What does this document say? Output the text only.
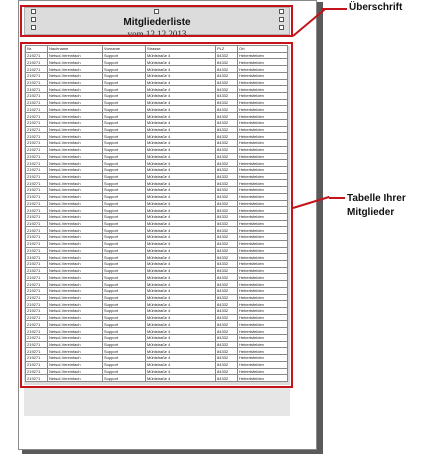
Mitgliederliste
vom 12.12.2013
Nr.	Nachname	Vorname	Strasse	PLZ	Ort
219271	Netsol-Vereinfach	Support	Mühlstraße 4	84332	Hebertsfelden
219271	Netsol-Vereinfach	Support	Mühlstraße 4	84332	Hebertsfelden
219271	Netsol-Vereinfach	Support	Mühlstraße 4	84332	Hebertsfelden
219271	Netsol-Vereinfach	Support	Mühlstraße 4	84332	Hebertsfelden
219271	Netsol-Vereinfach	Support	Mühlstraße 4	84332	Hebertsfelden
219271	Netsol-Vereinfach	Support	Mühlstraße 4	84332	Hebertsfelden
219271	Netsol-Vereinfach	Support	Mühlstraße 4	84332	Hebertsfelden
219271	Netsol-Vereinfach	Support	Mühlstraße 4	84332	Hebertsfelden
219271	Netsol-Vereinfach	Support	Mühlstraße 4	84332	Hebertsfelden
219271	Netsol-Vereinfach	Support	Mühlstraße 4	84332	Hebertsfelden
219271	Netsol-Vereinfach	Support	Mühlstraße 4	84332	Hebertsfelden
219271	Netsol-Vereinfach	Support	Mühlstraße 4	84332	Hebertsfelden
219271	Netsol-Vereinfach	Support	Mühlstraße 4	84332	Hebertsfelden
219271	Netsol-Vereinfach	Support	Mühlstraße 4	84332	Hebertsfelden
219271	Netsol-Vereinfach	Support	Mühlstraße 4	84332	Hebertsfelden
219271	Netsol-Vereinfach	Support	Mühlstraße 4	84332	Hebertsfelden
219271	Netsol-Vereinfach	Support	Mühlstraße 4	84332	Hebertsfelden
219271	Netsol-Vereinfach	Support	Mühlstraße 4	84332	Hebertsfelden
219271	Netsol-Vereinfach	Support	Mühlstraße 4	84332	Hebertsfelden
219271	Netsol-Vereinfach	Support	Mühlstraße 4	84332	Hebertsfelden
219271	Netsol-Vereinfach	Support	Mühlstraße 4	84332	Hebertsfelden
219271	Netsol-Vereinfach	Support	Mühlstraße 4	84332	Hebertsfelden
219271	Netsol-Vereinfach	Support	Mühlstraße 4	84332	Hebertsfelden
219271	Netsol-Vereinfach	Support	Mühlstraße 4	84332	Hebertsfelden
219271	Netsol-Vereinfach	Support	Mühlstraße 4	84332	Hebertsfelden
219271	Netsol-Vereinfach	Support	Mühlstraße 4	84332	Hebertsfelden
219271	Netsol-Vereinfach	Support	Mühlstraße 4	84332	Hebertsfelden
219271	Netsol-Vereinfach	Support	Mühlstraße 4	84332	Hebertsfelden
219271	Netsol-Vereinfach	Support	Mühlstraße 4	84332	Hebertsfelden
219271	Netsol-Vereinfach	Support	Mühlstraße 4	84332	Hebertsfelden
219271	Netsol-Vereinfach	Support	Mühlstraße 4	84332	Hebertsfelden
219271	Netsol-Vereinfach	Support	Mühlstraße 4	84332	Hebertsfelden
219271	Netsol-Vereinfach	Support	Mühlstraße 4	84332	Hebertsfelden
219271	Netsol-Vereinfach	Support	Mühlstraße 4	84332	Hebertsfelden
219271	Netsol-Vereinfach	Support	Mühlstraße 4	84332	Hebertsfelden
219271	Netsol-Vereinfach	Support	Mühlstraße 4	84332	Hebertsfelden
219271	Netsol-Vereinfach	Support	Mühlstraße 4	84332	Hebertsfelden
219271	Netsol-Vereinfach	Support	Mühlstraße 4	84332	Hebertsfelden
219271	Netsol-Vereinfach	Support	Mühlstraße 4	84332	Hebertsfelden
219271	Netsol-Vereinfach	Support	Mühlstraße 4	84332	Hebertsfelden
219271	Netsol-Vereinfach	Support	Mühlstraße 4	84332	Hebertsfelden
219271	Netsol-Vereinfach	Support	Mühlstraße 4	84332	Hebertsfelden
219271	Netsol-Vereinfach	Support	Mühlstraße 4	84332	Hebertsfelden
219271	Netsol-Vereinfach	Support	Mühlstraße 4	84332	Hebertsfelden
219271	Netsol-Vereinfach	Support	Mühlstraße 4	84332	Hebertsfelden
219271	Netsol-Vereinfach	Support	Mühlstraße 4	84332	Hebertsfelden
219271	Netsol-Vereinfach	Support	Mühlstraße 4	84332	Hebertsfelden
219271	Netsol-Vereinfach	Support	Mühlstraße 4	84332	Hebertsfelden
219271	Netsol-Vereinfach	Support	Mühlstraße 4	84332	Hebertsfelden
Überschrift
Tabelle Ihrer
Mitglieder
